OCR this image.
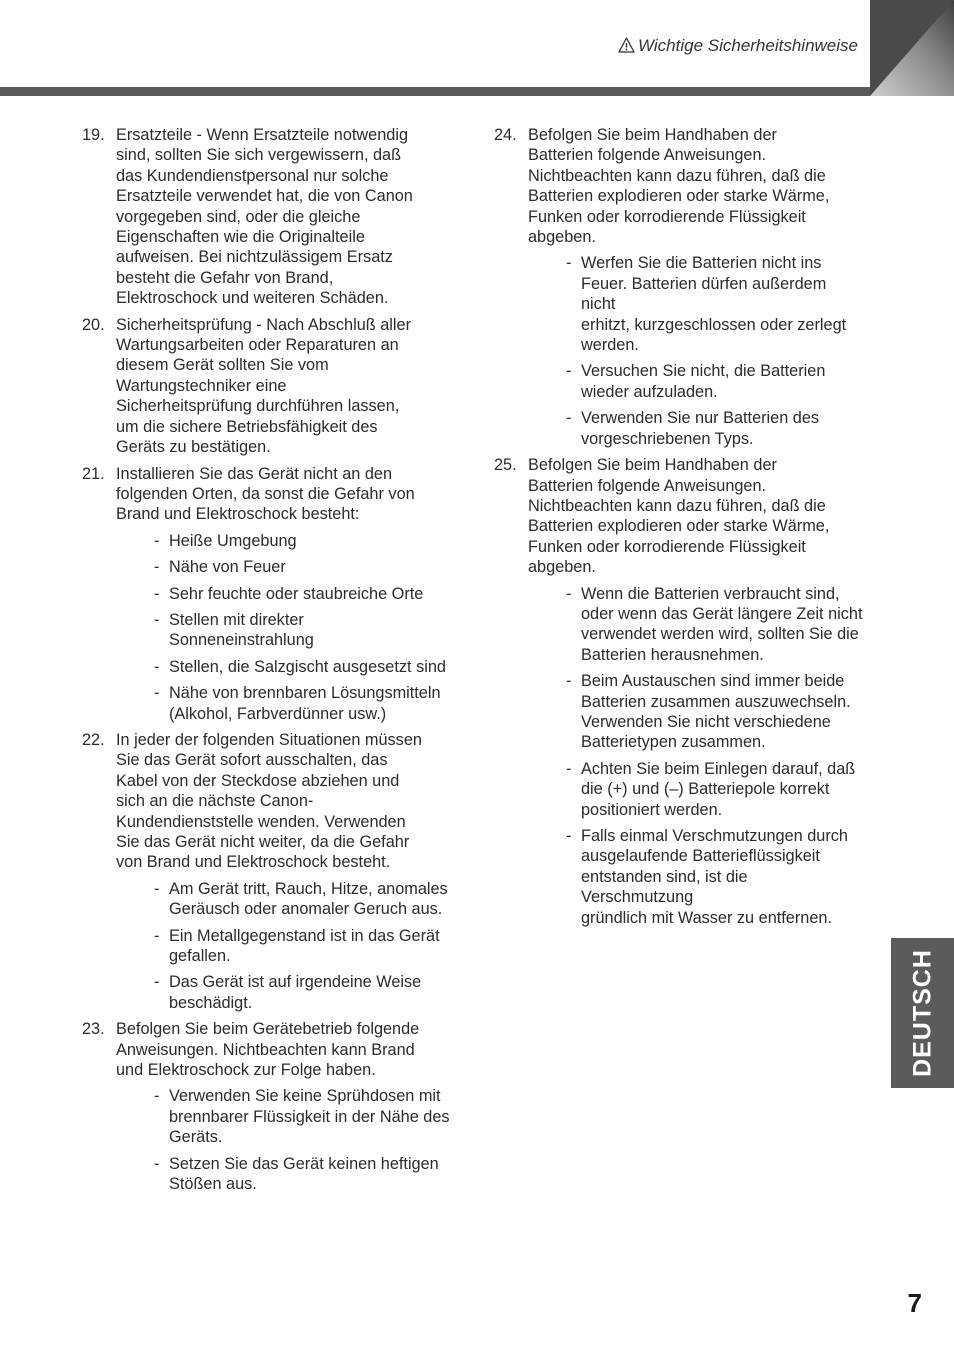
Wichtige Sicherheitshinweise
19. Ersatzteile - Wenn Ersatzteile notwendig
sind, sollten Sie sich vergewissern, daß
das Kundendienstpersonal nur solche
Ersatzteile verwendet hat, die von Canon
vorgegeben sind, oder die gleiche
Eigenschaften wie die Originalteile
aufweisen. Bei nichtzulässigem Ersatz
besteht die Gefahr von Brand,
Elektroschock und weiteren Schäden.
20. Sicherheitsprüfung - Nach Abschluß aller
Wartungsarbeiten oder Reparaturen an
diesem Gerät sollten Sie vom
Wartungstechniker eine
Sicherheitsprüfung durchführen lassen,
um die sichere Betriebsfähigkeit des
Geräts zu bestätigen.
21. Installieren Sie das Gerät nicht an den
folgenden Orten, da sonst die Gefahr von
Brand und Elektroschock besteht:
- Heiße Umgebung
- Nähe von Feuer
- Sehr feuchte oder staubreiche Orte
- Stellen mit direkter Sonneneinstrahlung
- Stellen, die Salzgischt ausgesetzt sind
- Nähe von brennbaren Lösungsmitteln
(Alkohol, Farbverdünner usw.)
22. In jeder der folgenden Situationen müssen
Sie das Gerät sofort ausschalten, das
Kabel von der Steckdose abziehen und
sich an die nächste Canon-
Kundendienststelle wenden. Verwenden
Sie das Gerät nicht weiter, da die Gefahr
von Brand und Elektroschock besteht.
- Am Gerät tritt, Rauch, Hitze, anomales
Geräusch oder anomaler Geruch aus.
- Ein Metallgegenstand ist in das Gerät
gefallen.
- Das Gerät ist auf irgendeine Weise
beschädigt.
23. Befolgen Sie beim Gerätebetrieb folgende
Anweisungen. Nichtbeachten kann Brand
und Elektroschock zur Folge haben.
- Verwenden Sie keine Sprühdosen mit
brennbarer Flüssigkeit in der Nähe des
Geräts.
- Setzen Sie das Gerät keinen heftigen
Stößen aus.
24. Befolgen Sie beim Handhaben der
Batterien folgende Anweisungen.
Nichtbeachten kann dazu führen, daß die
Batterien explodieren oder starke Wärme,
Funken oder korrodierende Flüssigkeit
abgeben.
- Werfen Sie die Batterien nicht ins
Feuer. Batterien dürfen außerdem nicht
erhitzt, kurzgeschlossen oder zerlegt
werden.
- Versuchen Sie nicht, die Batterien
wieder aufzuladen.
- Verwenden Sie nur Batterien des
vorgeschriebenen Typs.
25. Befolgen Sie beim Handhaben der
Batterien folgende Anweisungen.
Nichtbeachten kann dazu führen, daß die
Batterien explodieren oder starke Wärme,
Funken oder korrodierende Flüssigkeit
abgeben.
- Wenn die Batterien verbraucht sind,
oder wenn das Gerät längere Zeit nicht
verwendet werden wird, sollten Sie die
Batterien herausnehmen.
- Beim Austauschen sind immer beide
Batterien zusammen auszuwechseln.
Verwenden Sie nicht verschiedene
Batterietypen zusammen.
- Achten Sie beim Einlegen darauf, daß
die (+) und (–) Batteriepole korrekt
positioniert werden.
- Falls einmal Verschmutzungen durch
ausgelaufende Batterieflüssigkeit
entstanden sind, ist die Verschmutzung
gründlich mit Wasser zu entfernen.
DEUTSCH
7
